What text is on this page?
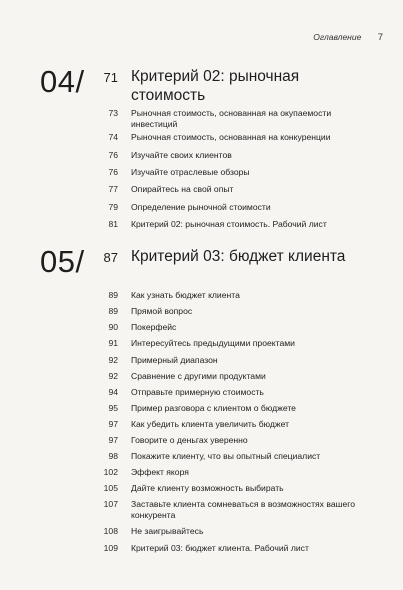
Оглавление 7
04/	71 Критерий 02: рыночная стоимость
73 Рыночная стоимость, основанная на окупаемости инвестиций
74 Рыночная стоимость, основанная на конкуренции
76 Изучайте своих клиентов
76 Изучайте отраслевые обзоры
77 Опирайтесь на свой опыт
79 Определение рыночной стоимости
81 Критерий 02: рыночная стоимость. Рабочий лист
05/	87 Критерий 03: бюджет клиента
89 Как узнать бюджет клиента
89 Прямой вопрос
90 Покерфейс
91 Интересуйтесь предыдущими проектами
92 Примерный диапазон
92 Сравнение с другими продуктами
94 Отправьте примерную стоимость
95 Пример разговора с клиентом о бюджете
97 Как убедить клиента увеличить бюджет
97 Говорите о деньгах уверенно
98 Покажите клиенту, что вы опытный специалист
102 Эффект якоря
105 Дайте клиенту возможность выбирать
107 Заставьте клиента сомневаться в возможностях вашего конкурента
108 Не заигрывайтесь
109 Критерий 03: бюджет клиента. Рабочий лист
